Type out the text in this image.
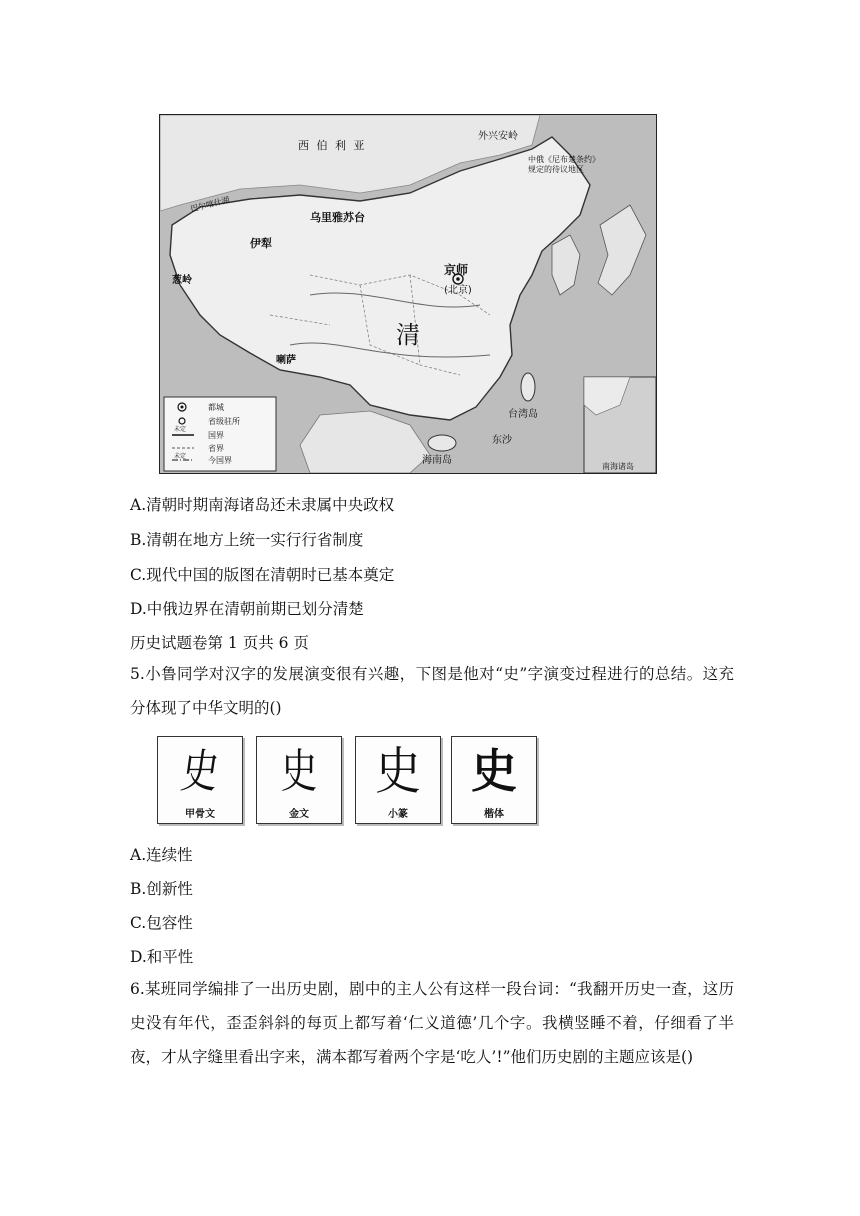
西 伯 利 亚
外兴安岭
中俄《尼布楚条约》规定的待议地区
巴尔喀什湖
乌里雅苏台
伊犁
葱岭
京师
(北京)
清
喇萨
台湾岛
东沙
海南岛
南海诸岛
都城
省级驻所
未定
国界
省界
未定	今国界
A.清朝时期南海诸岛还未隶属中央政权
B.清朝在地方上统一实行行省制度
C.现代中国的版图在清朝时已基本奠定
D.中俄边界在清朝前期已划分清楚
历史试题卷第 1 页共 6 页
5.小鲁同学对汉字的发展演变很有兴趣，下图是他对“史”字演变过程进行的总结。这充分体现了中华文明的()
史
甲骨文
史
金文
史
小篆
史
楷体
A.连续性
B.创新性
C.包容性
D.和平性
6.某班同学编排了一出历史剧，剧中的主人公有这样一段台词：“我翻开历史一查，这历史没有年代，歪歪斜斜的每页上都写着‘仁义道德’几个字。我横竖睡不着，仔细看了半夜，才从字缝里看出字来，满本都写着两个字是‘吃人’!”他们历史剧的主题应该是()
